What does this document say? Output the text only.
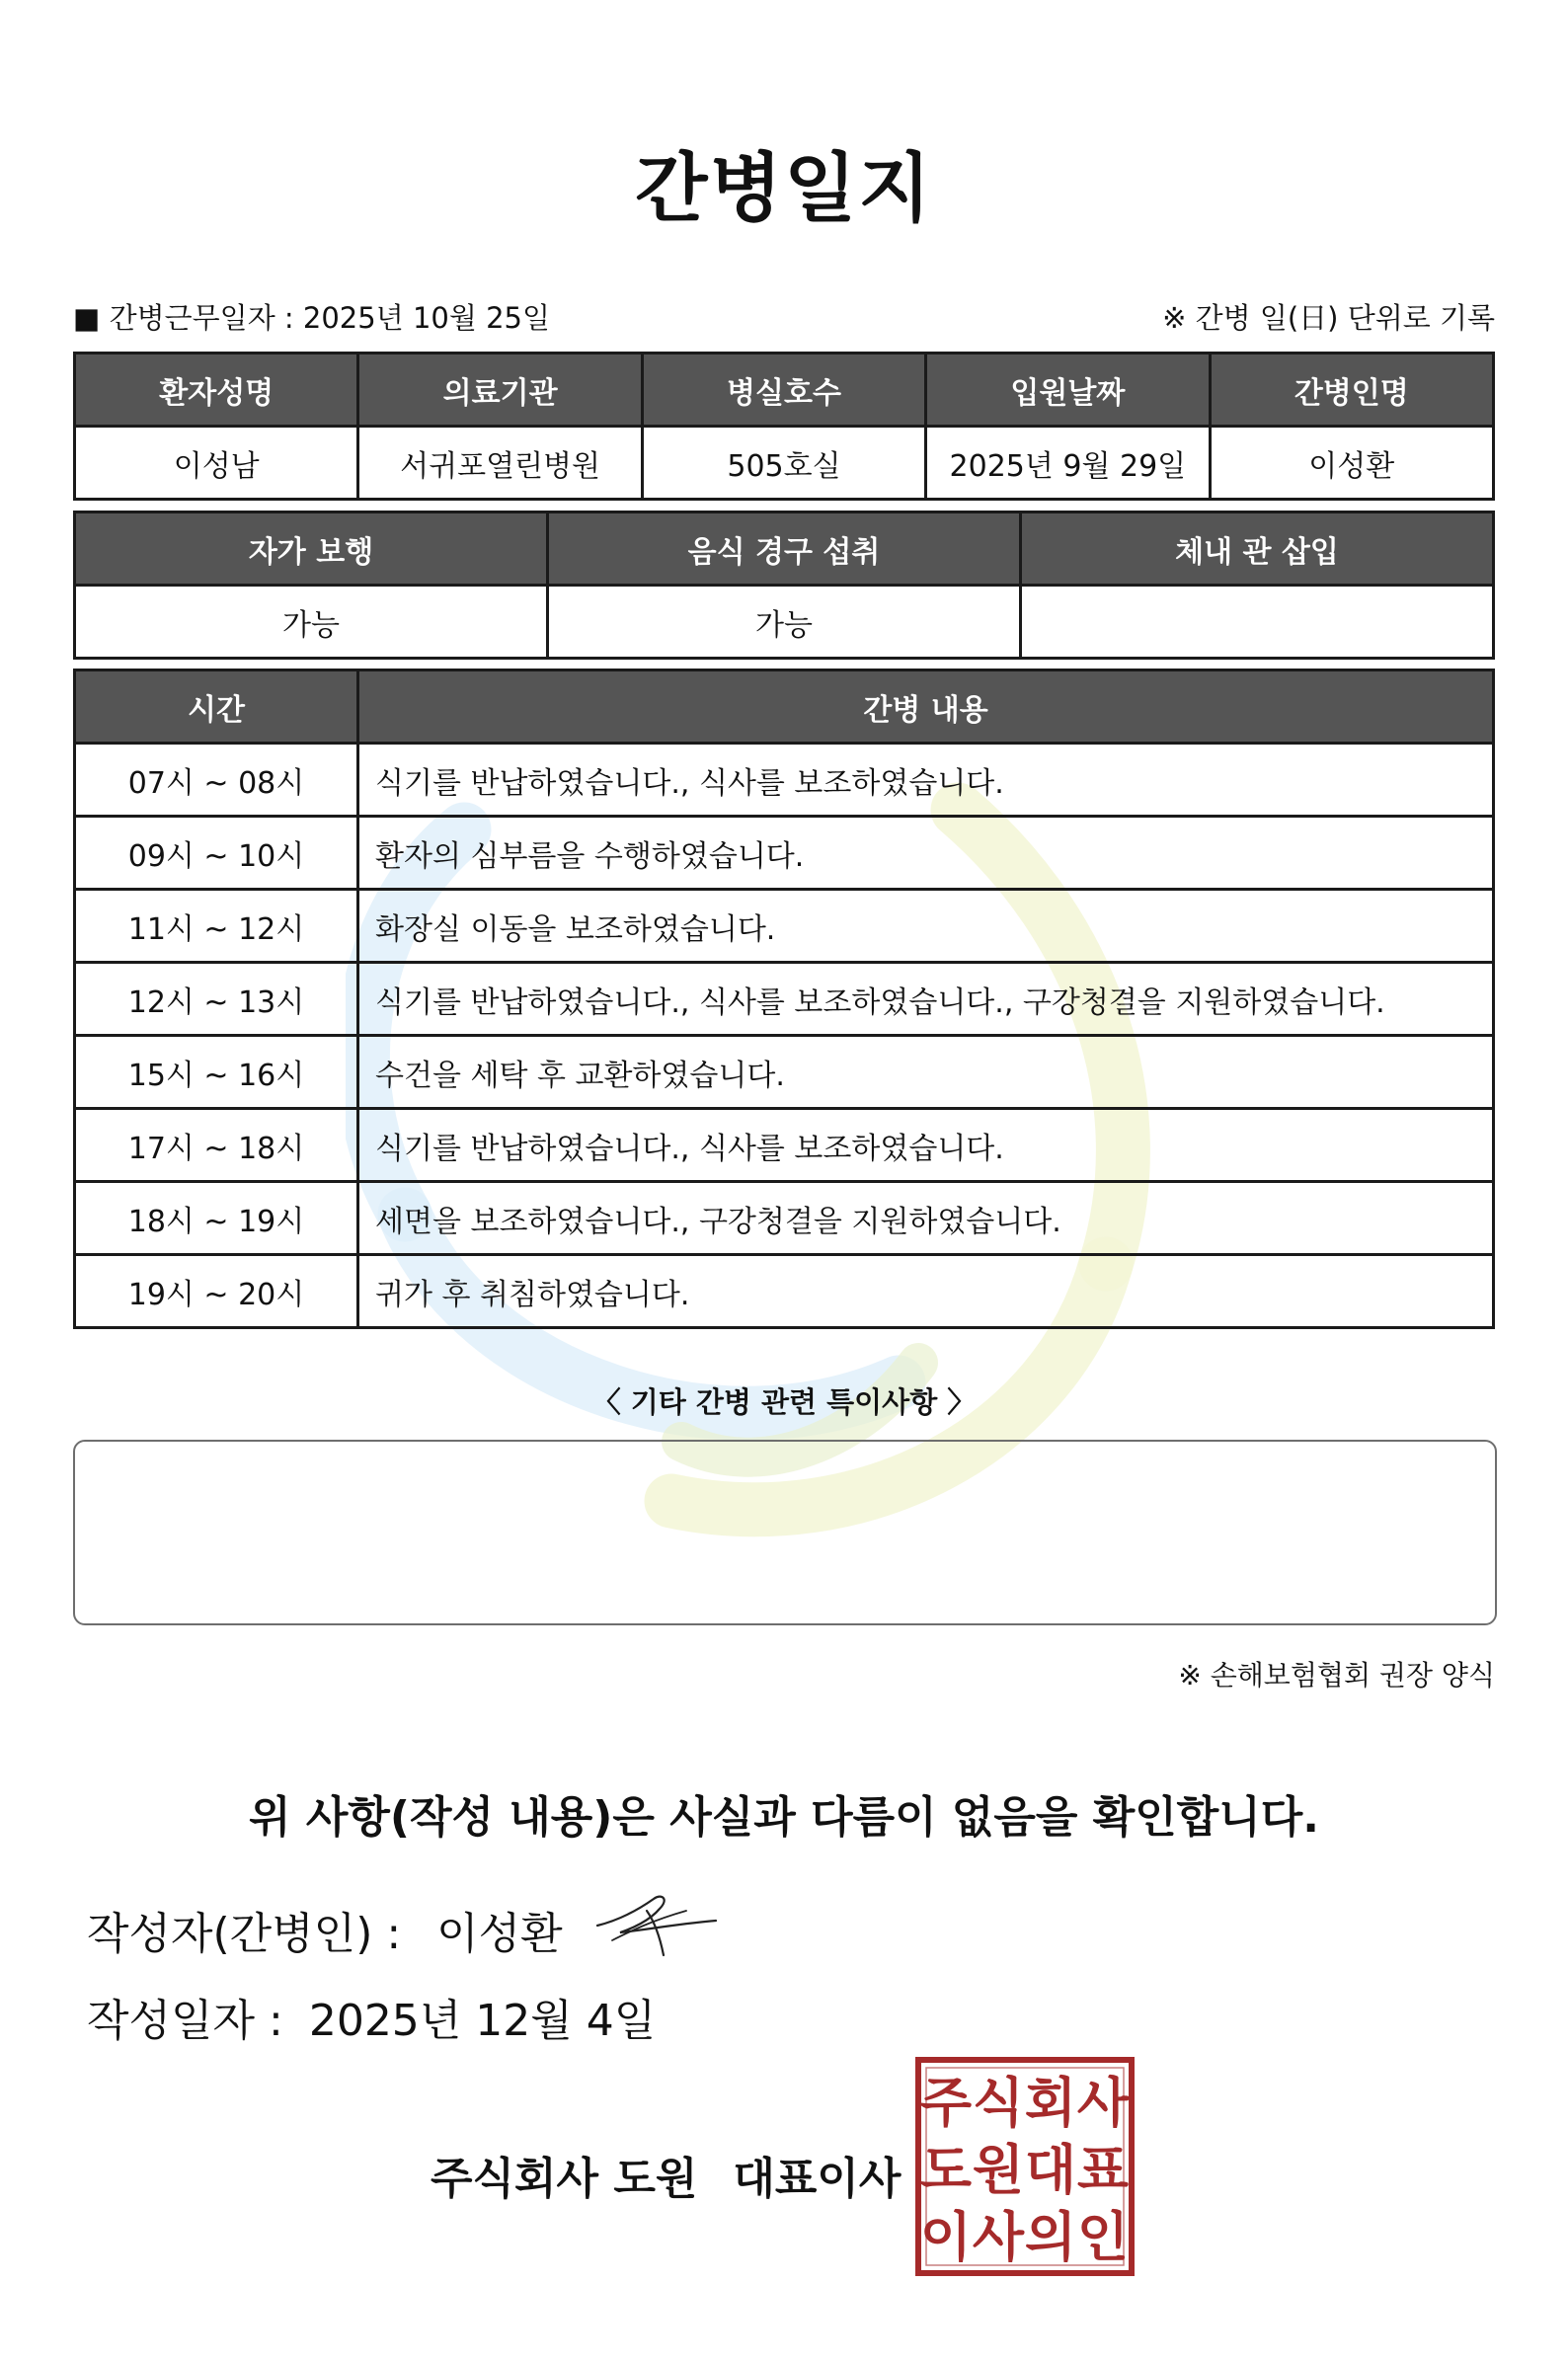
간병일지
■ 간병근무일자 : 2025년 10월 25일	※ 간병 일(日) 단위로 기록
환자성명	의료기관	병실호수	입원날짜	간병인명
이성남	서귀포열린병원	505호실	2025년 9월 29일	이성환
자가 보행	음식 경구 섭취	체내 관 삽입
가능	가능	
시간	간병 내용
07시 ~ 08시	식기를 반납하였습니다., 식사를 보조하였습니다.
09시 ~ 10시	환자의 심부름을 수행하였습니다.
11시 ~ 12시	화장실 이동을 보조하였습니다.
12시 ~ 13시	식기를 반납하였습니다., 식사를 보조하였습니다., 구강청결을 지원하였습니다.
15시 ~ 16시	수건을 세탁 후 교환하였습니다.
17시 ~ 18시	식기를 반납하였습니다., 식사를 보조하였습니다.
18시 ~ 19시	세면을 보조하였습니다., 구강청결을 지원하였습니다.
19시 ~ 20시	귀가 후 취침하였습니다.
〈 기타 간병 관련 특이사항 〉
※ 손해보험협회 권장 양식
위 사항(작성 내용)은 사실과 다름이 없음을 확인합니다.
작성자(간병인) : 이성환
작성일자 : 2025년 12월 4일
주식회사 도원 대표이사
주 식 회 사
도 원 대 표
이 사 의 인
